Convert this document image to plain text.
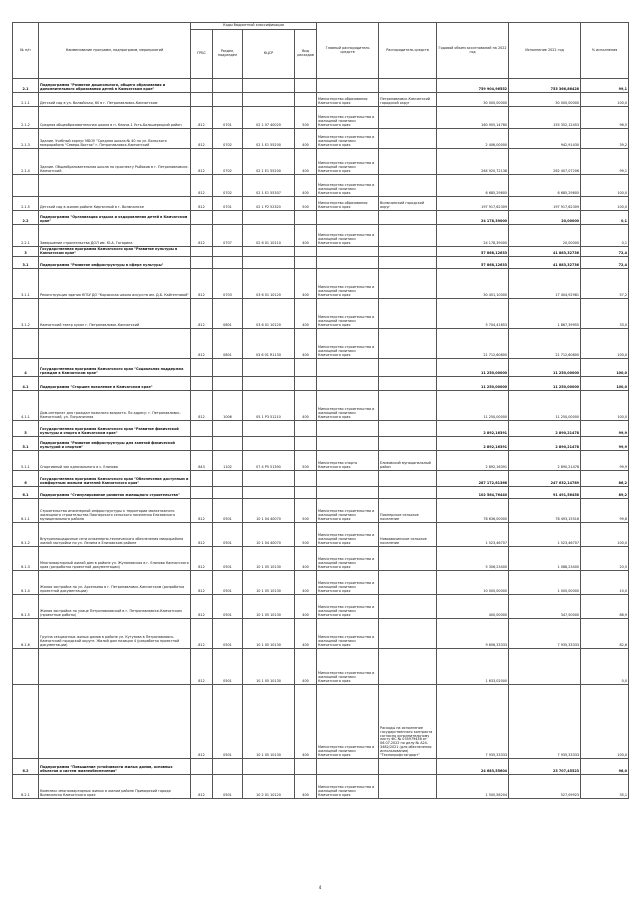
№ п/п	Наименование программ, подпрограмм, мероприятий	Коды бюджетной классификации				Главный распорядитель средств	Распорядитель средств	Годовой объем ассигнований на 2022 год	Исполнение 2022 год	% исполнения
		ГРБС	Раздел, подраздел	КЦСР	Вид расходов					
2.1	Подпрограмма "Развитие дошкольного, общего образования и дополнительного образования детей в Камчатском крае"							759 904,96552	753 366,86428	99,1
2.1.1	Детский сад в ул. Вилюйская, 60 в г. Петропавловск-Камчатском					Министерство образования Камчатского края	Петропавловск-Камчатский городской округ	30 000,00000	30 000,00000	100,0
2.1.2	Средняя общеобразовательная школа в п. Ключи-1 Усть-Большерецкий район	812	0701	02 1 07 40020	500	Министерство строительства и жилищной политики Камчатского края		160 905,14780	155 352,12453	96,5
2.1.3	Здание. Учебный корпус МБОУ "Средняя школа № 40 по ул. Вольского микрорайона "Северо-Восток" г. Петропавловск-Камчатский	812	0702	02 1 E1 55200	400	Министерство строительства и жилищной политики Камчатского края		2 406,00000	942,91430	39,2
2.1.4	Здание. Общеобразовательная школа по проспекту Рыбаков в г. Петропавловске-Камчатский	812	0702	02 1 E1 55200	400	Министерство строительства и жилищной политики Камчатского края		264 920,72138	262 407,07206	99,1
		812	0702	02 1 E1 55307	400	Министерство строительства и жилищной политики Камчатского края		6 685,29805	6 685,29805	100,0
2.1.5	Детский сад в жилом районе Кирпичный в г. Вилючинске	812	0701	02 1 P2 52320	500	Министерство образования Камчатского края	Вилючинский городской округ	197 917,62309	197 917,62309	100,0
2.2	Подпрограмма "Организация отдыха и оздоровления детей в Камчатском крае"							24 178,39000	20,00000	0,1
2.2.1	Завершение строительства ДОЛ им. Ю.А. Гагарина	812	0707	02 6 01 10110	400	Министерство строительства и жилищной политики Камчатского края		24 178,39000	20,00000	0,1
3	Государственная программа Камчатского края "Развитие культуры в Камчатском крае"							57 868,12633	41 883,32736	72,4
3.1	Подпрограмма "Развитие инфраструктуры в сфере культуры"							57 868,12633	41 883,32736	72,4
3.1.1	Реконструкция здания КГБУ ДО "Корякская школа искусств им. Д.Б. Кайгентовой"	812	0703	03 6 01 10120	400	Министерство строительства и жилищной политики Камчатского края		30 451,10000	17 404,92981	57,2
3.1.2	Камчатский театр кукол г. Петропавловск-Камчатский	812	0801	03 6 01 10120	400	Министерство строительства и жилищной политики Камчатского края		5 704,41853	1 867,39955	33,0
		812	0801	03 6 01 R1130	400	Министерство строительства и жилищной политики Камчатского края		21 712,60800	21 712,60800	100,0
4	Государственная программа Камчатского края "Социальная поддержка граждан в Камчатском крае"							11 250,00000	11 250,00000	100,0
4.1	Подпрограмма "Старшее поколение в Камчатском крае"							11 250,00000	11 250,00000	100,0
4.1.1	Дом-интернат для граждан пожилого возраста. По адресу: г. Петропавловск-Камчатский, ул. Пограничная	812	1006	05 1 P3 51210	400	Министерство строительства и жилищной политики Камчатского края		11 250,00000	11 250,00000	100,0
5	Государственная программа Камчатского края "Развитие физической культуры и спорта в Камчатском крае"							2 892,16391	2 890,21478	99,9
5.1	Подпрограмма "Развитие инфраструктуры для занятий физической культурой и спортом"							2 892,16391	2 890,21478	99,9
5.1.1	Спортивный зал однозального в с. Елизово	843	1102	07 4 P5 51390	500	Министерство спорта Камчатского края	Елизовский муниципальный район	2 892,16391	2 890,21478	99,9
6	Государственная программа Камчатского края "Обеспечение доступным и комфортным жильем жителей Камчатского края"							287 172,61366	247 632,14789	86,2
6.1	Подпрограмма "Стимулирование развития жилищного строительства"							102 564,76440	91 491,56458	89,2
6.1.1	Строительство инженерной инфраструктуры к территории малоэтажного жилищного строительства Пионерского сельского поселения Елизовского муниципального района	812	0501	10 1 04 40070	500	Министерство строительства и жилищной политики Камчатского края	Пионерское сельское поселение	78 636,00000	78 493,15516	99,8
6.1.2	Внутриплощадочные сети инженерно-технического обеспечения микрорайона жилой застройки по ул. Ленина в Елизовском районе	812	0501	10 1 04 40070	500	Министерство строительства и жилищной политики Камчатского края	Новоавачинское сельское поселение	1 523,46707	1 523,46707	100,0
6.1.3	Многоквартирный жилой дом в районе ул. Жупановская в г. Елизово Камчатского края (разработка проектной документации)	812	0501	10 1 05 10130	400	Министерство строительства и жилищной политики Камчатского края		5 306,23400	1 088,23400	20,5
6.1.4	Жилая застройка по ул. Арсеньева в г. Петропавловск-Камчатском (разработка проектной документации)	812	0501	10 1 05 10130	400	Министерство строительства и жилищной политики Камчатского края		10 000,00000	1 000,00000	10,0
6.1.5	Жилая застройка по улице Петропавловской в г. Петропавловске-Камчатском (проектные работы)	812	0501	10 1 05 10130	400	Министерство строительства и жилищной политики Камчатского края		400,00000	347,50000	86,9
6.1.6	Группа секционных жилых домов в районе ул. Кутузова в Петропавловск-Камчатский городской округе. Жилой дом позиция 4 (разработка проектной документации)	812	0501	10 1 05 10130	400	Министерство строительства и жилищной политики Камчатского края		9 606,33333	7 935,33333	82,6
		812	0501	10 1 05 10130	400	Министерство строительства и жилищной политики Камчатского края		1 633,02000		0,0
		812	0501	10 1 05 10130	400	Министерство строительства и жилищной политики Камчатского края	Расходы на исполнение государственного контракта согласно исполнительному листу ФС № 035979436 от 06.07.2022 по делу № А24-3482/2021 (для обеспечения использования) "Технопрофстандарт"	7 935,33333	7 935,33333	100,0
6.2	Подпрограмма "Повышение устойчивости жилых домов, основных объектов и систем жизнеобеспечения"							24 683,55604	23 707,45523	96,0
6.2.1	Комплекс многоквартирных жилых в жилом районе Приморский города Вилючинска Камчатского края	812	0501	10 2 01 10120	400	Министерство строительства и жилищной политики Камчатского края		1 500,58204	527,09923	35,1
4
